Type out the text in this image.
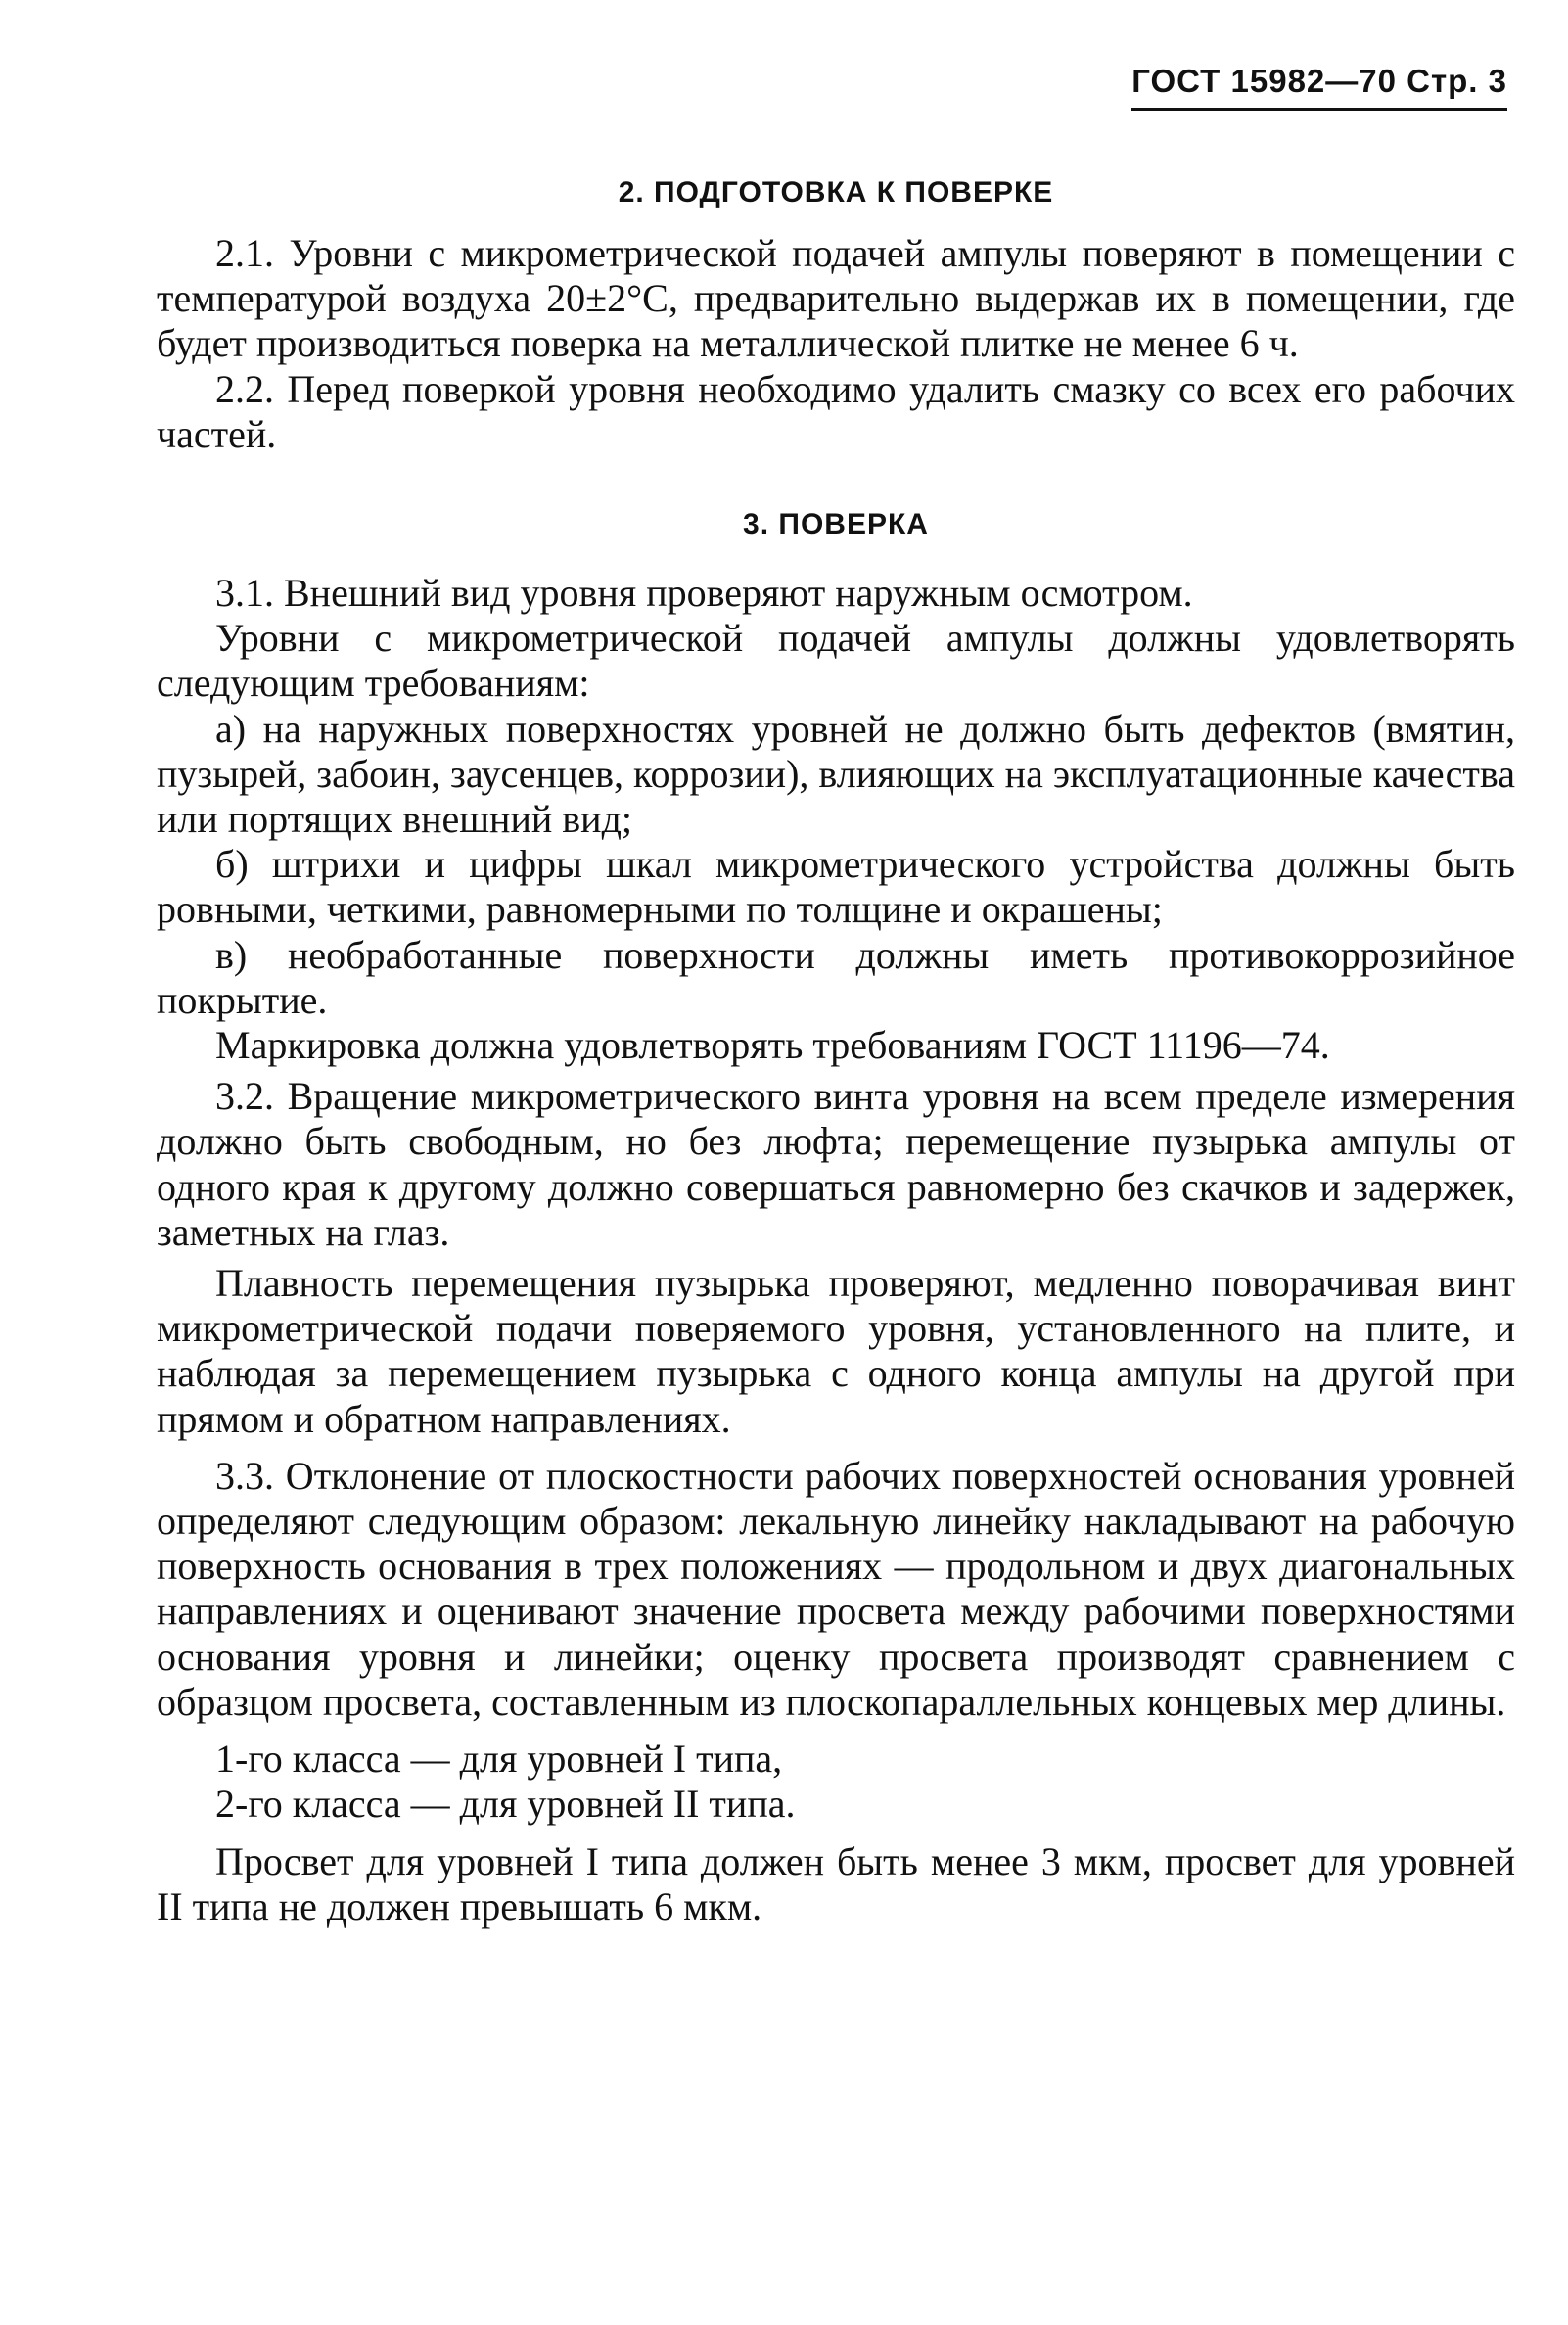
ГОСТ 15982—70 Стр. 3
2. ПОДГОТОВКА К ПОВЕРКЕ

2.1. Уровни с микрометрической подачей ампулы поверяют в помещении с температурой воздуха 20±2°С, предварительно выдержав их в помещении, где будет производиться поверка на металлической плитке не менее 6 ч.

2.2. Перед поверкой уровня необходимо удалить смазку со всех его рабочих частей.

3. ПОВЕРКА

3.1. Внешний вид уровня проверяют наружным осмотром.

Уровни с микрометрической подачей ампулы должны удовлетворять следующим требованиям:

а) на наружных поверхностях уровней не должно быть дефектов (вмятин, пузырей, забоин, заусенцев, коррозии), влияющих на эксплуатационные качества или портящих внешний вид;

б) штрихи и цифры шкал микрометрического устройства должны быть ровными, четкими, равномерными по толщине и окрашены;

в) необработанные поверхности должны иметь противокоррозийное покрытие.

Маркировка должна удовлетворять требованиям ГОСТ 11196—74.

3.2. Вращение микрометрического винта уровня на всем пределе измерения должно быть свободным, но без люфта; перемещение пузырька ампулы от одного края к другому должно совершаться равномерно без скачков и задержек, заметных на глаз.

Плавность перемещения пузырька проверяют, медленно поворачивая винт микрометрической подачи поверяемого уровня, установленного на плите, и наблюдая за перемещением пузырька с одного конца ампулы на другой при прямом и обратном направлениях.

3.3. Отклонение от плоскостности рабочих поверхностей основания уровней определяют следующим образом: лекальную линейку накладывают на рабочую поверхность основания в трех положениях — продольном и двух диагональных направлениях и оценивают значение просвета между рабочими поверхностями основания уровня и линейки; оценку просвета производят сравнением с образцом просвета, составленным из плоскопараллельных концевых мер длины.

1-го класса — для уровней I типа,

2-го класса — для уровней II типа.

Просвет для уровней I типа должен быть менее 3 мкм, просвет для уровней II типа не должен превышать 6 мкм.
